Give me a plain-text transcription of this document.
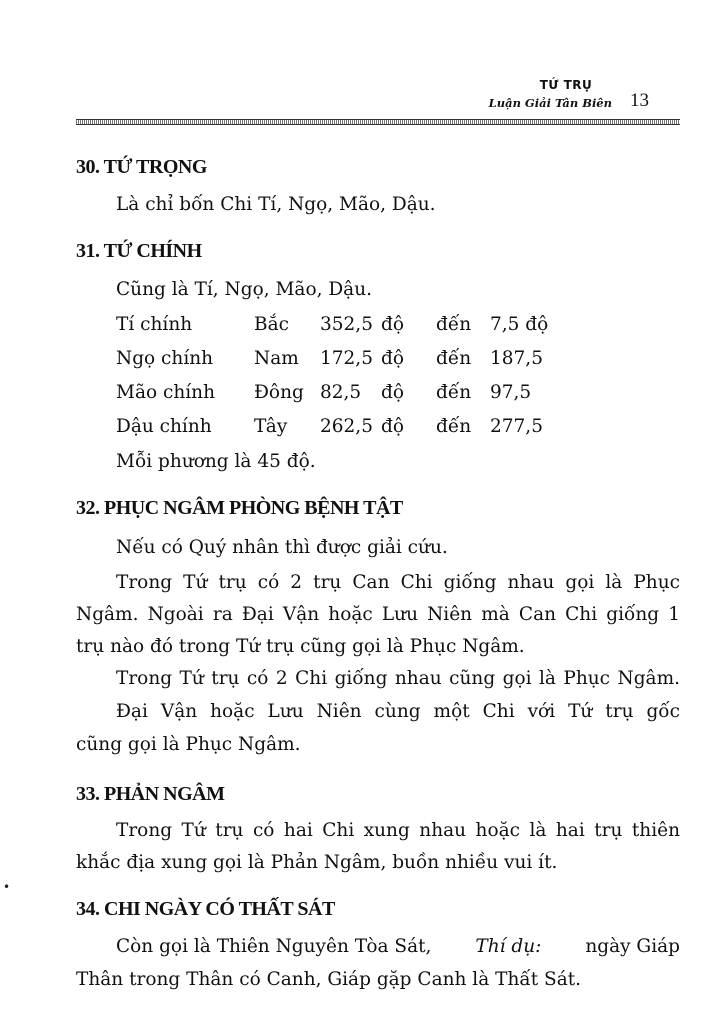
TỨ TRỤ
Luận Giải Tân Biên 13
30. TỨ TRỌNG
Là chỉ bốn Chi Tí, Ngọ, Mão, Dậu.
31. TỨ CHÍNH
Cũng là Tí, Ngọ, Mão, Dậu.
Tí chính	Bắc 352,5 độ đến 7,5 độ
Ngọ chính Nam 172,5 độ đến 187,5
Mão chính Đông 82,5 độ đến 97,5
Dậu chính Tây 262,5 độ đến 277,5
Mỗi phương là 45 độ.
32. PHỤC NGÂM PHÒNG BỆNH TẬT
Nếu có Quý nhân thì được giải cứu.
Trong Tứ trụ có 2 trụ Can Chi giống nhau gọi là Phục
Ngâm. Ngoài ra Đại Vận hoặc Lưu Niên mà Can Chi giống 1
trụ nào đó trong Tứ trụ cũng gọi là Phục Ngâm.
Trong Tứ trụ có 2 Chi giống nhau cũng gọi là Phục Ngâm.
Đại Vận hoặc Lưu Niên cùng một Chi với Tứ trụ gốc
cũng gọi là Phục Ngâm.
33. PHẢN NGÂM
Trong Tứ trụ có hai Chi xung nhau hoặc là hai trụ thiên
khắc địa xung gọi là Phản Ngâm, buồn nhiều vui ít.
34. CHI NGÀY CÓ THẤT SÁT
Còn gọi là Thiên Nguyên Tòa Sát, Thí dụ: ngày Giáp
Thân trong Thân có Canh, Giáp gặp Canh là Thất Sát.
•
